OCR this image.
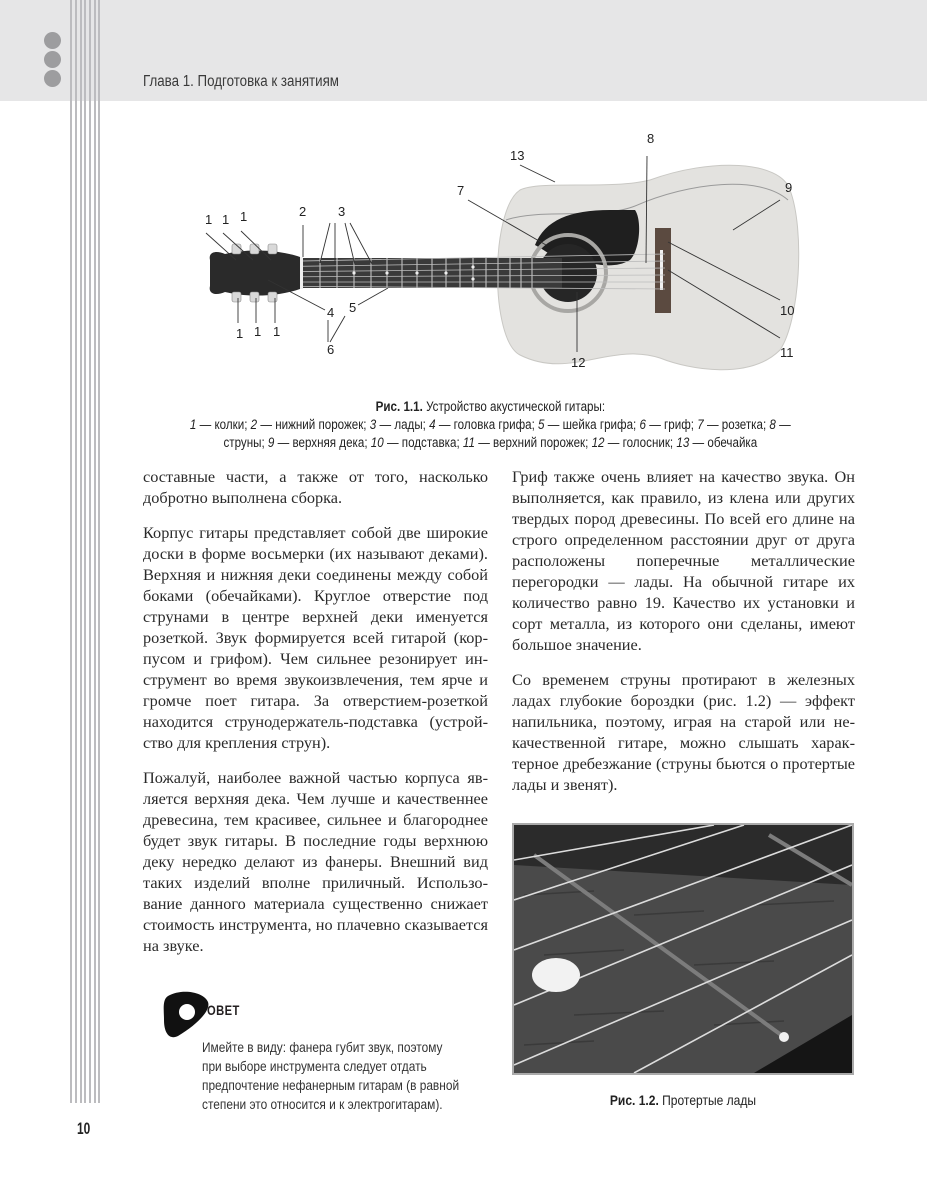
Глава 1. Подготовка к занятиям
1 1 1
1 1 1
2 3
4 5
6
7
13
8
9
10
11
12
Рис. 1.1. Устройство акустической гитары:
1 — колки; 2 — нижний порожек; 3 — лады; 4 — головка грифа; 5 — шейка грифа; 6 — гриф; 7 — розетка; 8 —
струны; 9 — верхняя дека; 10 — подставка; 11 — верхний порожек; 12 — голосник; 13 — обечайка

составные части, а также от того, насколько добротно выполнена сборка.

Корпус гитары представляет собой две широкие доски в форме восьмерки (их называют деками). Верхняя и нижняя деки соединены между собой боками (обечайками). Круглое отверстие под струнами в центре верхней деки именуется розеткой. Звук формируется всей гитарой (корпусом и грифом). Чем сильнее резонирует инструмент во время звукоизвлечения, тем ярче и громче поет гитара. За отверстием-розеткой находится струнодержатель-подставка (устройство для крепления струн).

Пожалуй, наиболее важной частью корпуса является верхняя дека. Чем лучше и качественнее древесина, тем красивее, сильнее и благороднее будет звук гитары. В последние годы верхнюю деку нередко делают из фанеры. Внешний вид таких изделий вполне приличный. Использование данного материала существенно снижает стоимость инструмента, но плачевно сказывается на звуке.

Гриф также очень влияет на качество звука. Он выполняется, как правило, из клена или других твердых пород древесины. По всей его длине на строго определенном расстоянии друг от друга расположены поперечные металлические перегородки — лады. На обычной гитаре их количество равно 19. Качество их установки и сорт металла, из которого они сделаны, имеют большое значение.

Со временем струны протирают в железных ладах глубокие бороздки (рис. 1.2) — эффект напильника, поэтому, играя на старой или некачественной гитаре, можно слышать характерное дребезжание (струны бьются о протертые лады и звенят).

ОВЕТ
Имейте в виду: фанера губит звук, поэтому
при выборе инструмента следует отдать
предпочтение нефанерным гитарам (в равной
степени это относится и к электрогитарам).	Рис. 1.2. Протертые лады
10
